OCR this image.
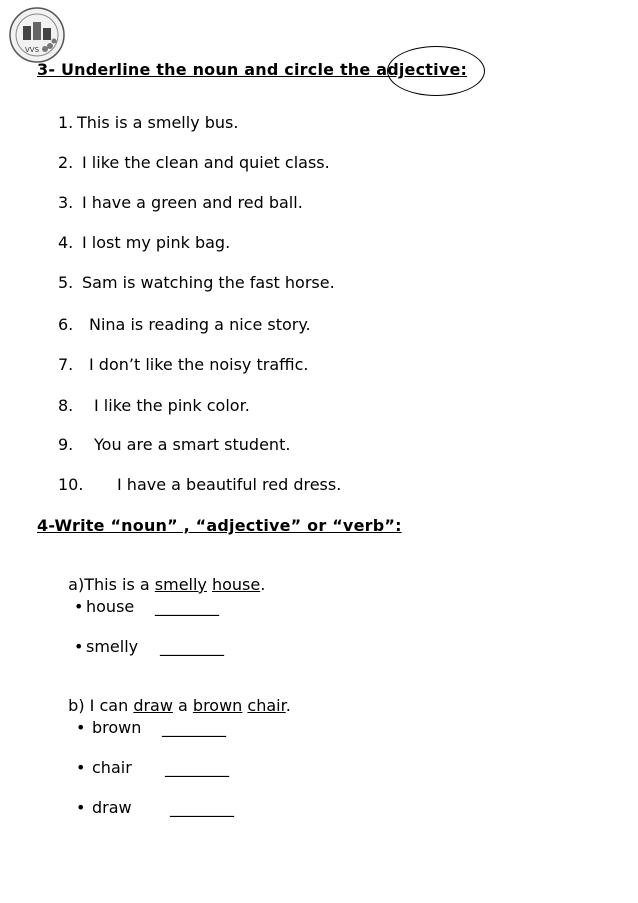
VVS
3- Underline the noun and circle the adjective:
1. This is a smelly bus.
2. I like the clean and quiet class.
3. I have a green and red ball.
4. I lost my pink bag.
5. Sam is watching the fast horse.
6. Nina is reading a nice story.
7. I don’t like the noisy traffic.
8. I like the pink color.
9. You are a smart student.
10. I have a beautiful red dress.
4-Write “noun” , “adjective” or “verb”:

a)This is a smelly house.

• house ________
• smelly ________

b) I can draw a brown chair.

• brown ________
• chair ________
• draw ________
